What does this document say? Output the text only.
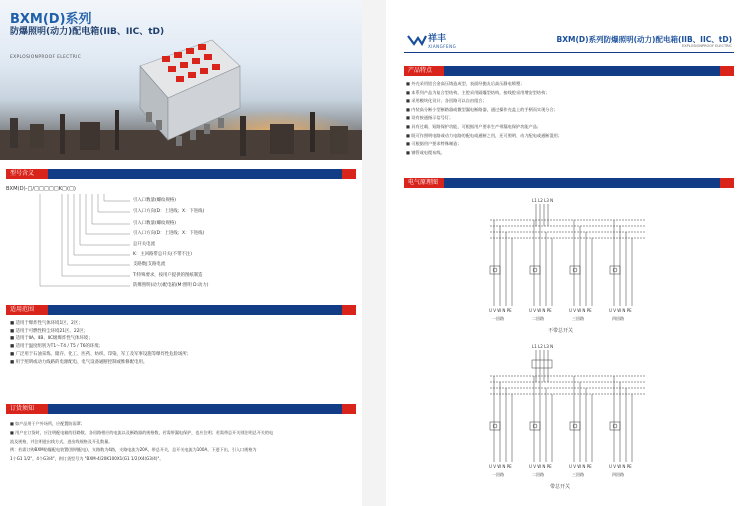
BXM(D)系列
防爆照明(动力)配电箱(IIB、IIC、tD)
EXPLOSIONPROOF ELECTRIC
型号含义
BXM(D)-□/□□□□□K□(□)
引入口数量(螺纹规格)
引入口方向(D：上进线；X：下进线)
引入口数量(螺纹规格)
引入口方向(D：上进线；X：下进线)
总开关电流
K：主回路带总开关(不带不注)
支路数|支路电流
T:特殊要求，按用户提供的图纸制造
防爆照明(动力)配电箱(M:照明 D:动力)
适用范围
■ 适用于爆炸性气体环境1区、2区；
■ 适用于可燃性粉尘环境21区、22区；
■ 适用于ⅡA、ⅡB、ⅡC级爆炸性气体环境；
■ 适用于温度组别为T1～T4 / T5 / T6的环境；
■ 广泛用于石油采炼、储存、化工、医药、纺织、印染、军工及军事设施等爆炸性危险场所；
■ 用于照明或动力线路的电源配电、电气设备通断控制或维修配电用。
订货须知
■ 如产品用于户外场所，应配置防雨罩；
■ 用户在订货时，应注明配电箱的回路数、各回路相应的电流以及断路器的规格数，若需带漏电保护，也应注明；若需带总开关则注明总开关的电
流及规格，并注明进出线方式，进出线规格及开孔数量。
例：若需订购BXM防爆配电装置(照明配电)，支路数为4路，支路电流为20A，带总开关，总开关电流为100A，下进下出，引入口规格为
1个G1 1/2"，4个G3/4"，则订货型号为 "BXM-4/20K100X1(G1 1/2)X4(G3/4)"。
祥丰
XIANGFENG
BXM(D)系列防爆照明(动力)配电箱(IIB、IIC、tD)
EXPLOSIONPROOF ELECTRIC
产品特点
■ 外壳采用铝合金高压铸造成型，表面经抛丸后高压静电喷塑；
■ 本系列产品为复合型结构，主腔采用隔爆型结构，接线腔采用增安型结构；
■ 采用模块化设计，各回路可以自由组合；
■ 内装高分断小型断路器或微型漏电断路器，通过操作壳盖上的手柄而实现分合；
■ 设有接通指示信号灯；
■ 具有过载、短路保护功能，可根据用户要求生产带漏电保护功能产品；
■ 既可作照明电路或动力电路的配电或通断之用，还可照明、动力配电或通断混用；
■ 可根据用户要求特殊制造；
■ 钢管或电缆布线。
电气原理图
L1 L2 L3 N
U V W N PE	U V W N PE	U V W N PE	U V W N PE
一回路	二回路	三回路	四回路
不带总开关
L1 L2 L3 N
U V W N PE	U V W N PE	U V W N PE	U V W N PE
一回路	二回路	三回路	四回路
带总开关
